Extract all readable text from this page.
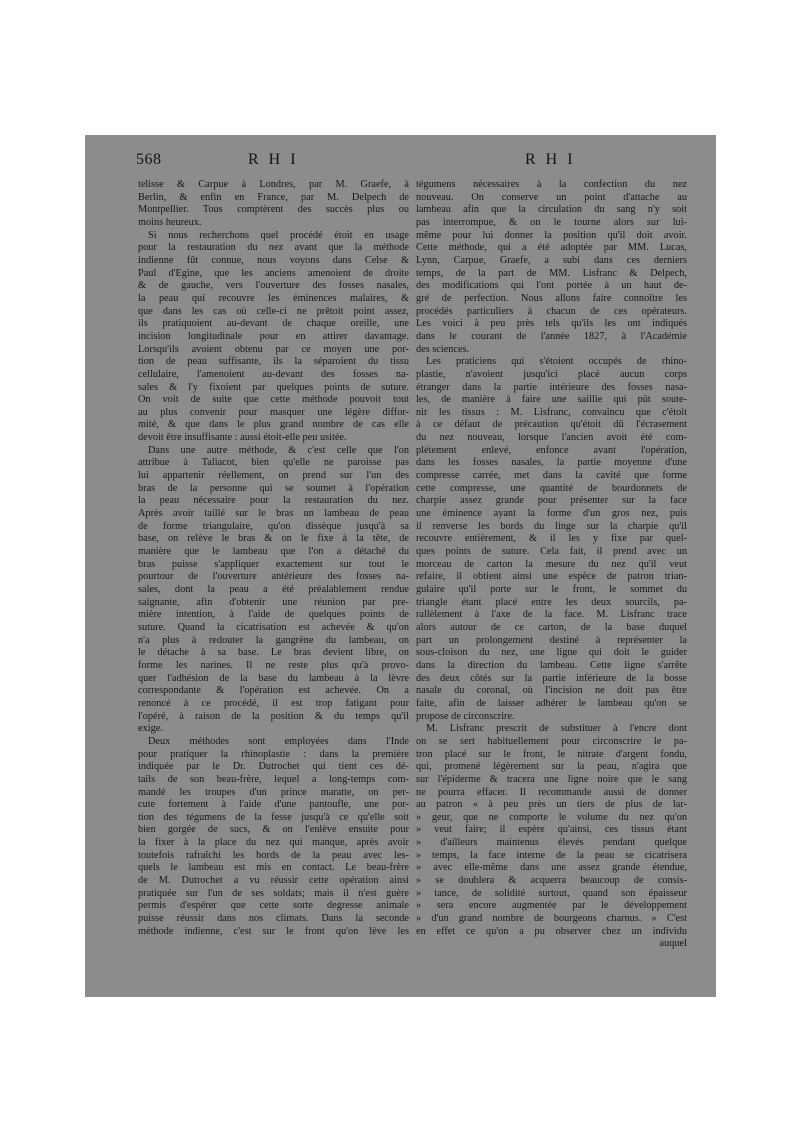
568	RHI	RHI
telisse & Carpue à Londres, par M. Graefe, à
Berlin, & enfin en France, par M. Delpech de
Montpellier. Tous comptèrent des succès plus ou
moins heureux.
Si nous recherchons quel procédé étoit en usage
pour la restauration du nez avant que la méthode
indienne fût connue, nous voyons dans Celse &
Paul d'Egine, que les anciens amenoient de droite
& de gauche, vers l'ouverture des fosses nasales,
la peau qui recouvre les éminences malaires, &
que dans les cas où celle-ci ne prêtoit point assez,
ils pratiquoient au-devant de chaque oreille, une
incision longitudinale pour en attirer davantage.
Lorsqu'ils avoient obtenu par ce moyen une por-
tion de peau suffisante, ils la séparoient du tissu
cellulaire, l'amenoient au-devant des fosses na-
sales & l'y fixoient par quelques points de suture.
On voit de suite que cette méthode pouvoit tout
au plus convenir pour masquer une légère diffor-
mité, & que dans le plus grand nombre de cas elle
devoit être insuffisante : aussi étoit-elle peu usitée.
Dans une autre méthode, & c'est celle que l'on
attribue à Taliacot, bien qu'elle ne paroisse pas
lui appartenir réellement, on prend sur l'un des
bras de la personne qui se soumet à l'opération
la peau nécessaire pour la restauration du nez.
Après avoir taillé sur le bras un lambeau de peau
de forme triangulaire, qu'on dissèque jusqu'à sa
base, on relève le bras & on le fixe à la tête, de
manière que le lambeau que l'on a détaché du
bras puisse s'appliquer exactement sur tout le
pourtour de l'ouverture antérieure des fosses na-
sales, dont la peau a été préalablement rendue
saignante, afin d'obtenir une réunion par pre-
mière intention, à l'aide de quelques points de
suture. Quand la cicatrisation est achevée & qu'on
n'a plus à redouter la gangrène du lambeau, on
le détache à sa base. Le bras devient libre, on
forme les narines. Il ne reste plus qu'à provo-
quer l'adhésion de la base du lambeau à la lèvre
correspondante & l'opération est achevée. On a
renoncé à ce procédé, il est trop fatigant pour
l'opéré, à raison de la position & du temps qu'il
exige.
Deux méthodes sont employées dans l'Inde
pour pratiquer la rhinoplastie : dans la première
indiquée par le Dr. Dutrochet qui tient ces dé-
tails de son beau-frère, lequel a long-temps com-
mandé les troupes d'un prince maratte, on per-
cute fortement à l'aide d'une pantoufle, une por-
tion des tégumens de la fesse jusqu'à ce qu'elle soit
bien gorgée de sucs, & on l'enlève ensuite pour
la fixer à la place du nez qui manque, après avoir
toutefois rafraîchi les bords de la peau avec les-
quels le lambeau est mis en contact. Le beau-frère
de M. Dutrochet a vu réussir cette opération ainsi
pratiquée sur l'un de ses soldats; mais il n'est guère
permis d'espérer que cette sorte degresse animale
puisse réussir dans nos climats. Dans la seconde
méthode indienne, c'est sur le front qu'on lève les
tégumens nécessaires à la confection du nez
nouveau. On conserve un point d'attache au
lambeau afin que la circulation du sang n'y soit
pas interrompue, & on le tourne alors sur lui-
même pour lui donner la position qu'il doit avoir.
Cette méthode, qui a été adoptée par MM. Lucas,
Lynn, Carpue, Graefe, a subi dans ces derniers
temps, de la part de MM. Lisfranc & Delpech,
des modifications qui l'ont portée à un haut de-
gré de perfection. Nous allons faire connoître les
procédés particuliers à chacun de ces opérateurs.
Les voici à peu près tels qu'ils les ont indiqués
dans le courant de l'année 1827, à l'Académie
des sciences.
Les praticiens qui s'étoient occupés de rhino-
plastie, n'avoient jusqu'ici placé aucun corps
étranger dans la partie intérieure des fosses nasa-
les, de manière à faire une saillie qui pût soute-
nir les tissus : M. Lisfranc, convaincu que c'étoit
à ce défaut de précaution qu'étoit dû l'écrasement
du nez nouveau, lorsque l'ancien avoit été com-
plétement enlevé, enfonce avant l'opération,
dans les fosses nasales, la partie moyenne d'une
compresse carrée, met dans la cavité que forme
cette compresse, une quantité de bourdonnets de
charpie assez grande pour présenter sur la face
une éminence ayant la forme d'un gros nez, puis
il renverse les bords du linge sur la charpie qu'il
recouvre entièrement, & il les y fixe par quel-
ques points de suture. Cela fait, il prend avec un
morceau de carton la mesure du nez qu'il veut
refaire, il obtient ainsi une espèce de patron trian-
gulaire qu'il porte sur le front, le sommet du
triangle étant placé entre les deux sourcils, pa-
rallèlement à l'axe de la face. M. Lisfranc trace
alors autour de ce carton, de la base duquel
part un prolongement destiné à représenter la
sous-cloison du nez, une ligne qui doit le guider
dans la direction du lambeau. Cette ligne s'arrête
des deux côtés sur la partie inférieure de la bosse
nasale du coronal, où l'incision ne doit pas être
faite, afin de laisser adhérer le lambeau qu'on se
propose de circonscrire.
M. Lisfranc prescrit de substituer à l'encre dont
on se sert habituellement pour circonscrire le pa-
tron placé sur le front, le nitrate d'argent fondu,
qui, promené légèrement sur la peau, n'agira que
sur l'épiderme & tracera une ligne noire que le sang
ne pourra effacer. Il recommande aussi de donner
au patron « à peu près un tiers de plus de lar-
» geur, que ne comporte le volume du nez qu'on
» veut faire; il espère qu'ainsi, ces tissus étant
» d'ailleurs maintenus élevés pendant quelque
» temps, la face interne de la peau se cicatrisera
» avec elle-même dans une assez grande étendue,
» se doublera & acquerra beaucoup de consis-
» tance, de solidité surtout, quand son épaisseur
» sera encore augmentée par le développement
» d'un grand nombre de bourgeons charnus. » C'est
en effet ce qu'on a pu observer chez un individu
auquel
